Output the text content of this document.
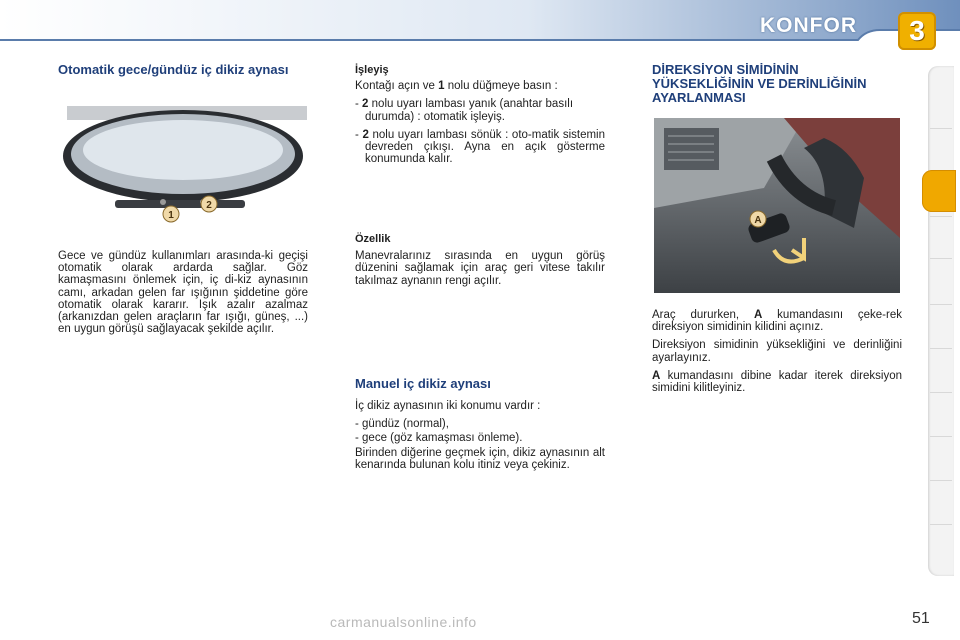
KONFOR	3
Otomatik gece/gündüz iç dikiz aynası
1
2

Gece ve gündüz kullanımları arasında-ki geçişi otomatik olarak ardarda sağlar. Göz kamaşmasını önlemek için, iç di-kiz aynasının camı, arkadan gelen far ışığının şiddetine göre otomatik olarak kararır. Işık azalır azalmaz (arkanızdan gelen araçların far ışığı, güneş, ...) en uygun görüşü sağlayacak şekilde açılır.

İşleyiş

Kontağı açın ve 1 nolu düğmeye basın :

- 2 nolu uyarı lambası yanık (anahtar basılı durumda) : otomatik işleyiş.

- 2 nolu uyarı lambası sönük : oto-matik sistemin devreden çıkışı. Ayna en açık gösterme konumunda kalır.

Özellik

Manevralarınız sırasında en uygun görüş düzenini sağlamak için araç geri vitese takılır takılmaz aynanın rengi açılır.

Manuel iç dikiz aynası

İç dikiz aynasının iki konumu vardır :

- gündüz (normal),

- gece (göz kamaşması önleme).

Birinden diğerine geçmek için, dikiz aynasının alt kenarında bulunan kolu itiniz veya çekiniz.

DİREKSİYON SİMİDİNİN YÜKSEKLİĞİNİN VE DERİNLİĞİNİN AYARLANMASI
A

Araç dururken, A kumandasını çeke-rek direksiyon simidinin kilidini açınız.

Direksiyon simidinin yüksekliğini ve derinliğini ayarlayınız.

A kumandasını dibine kadar iterek direksiyon simidini kilitleyiniz.

51
carmanualsonline.info
